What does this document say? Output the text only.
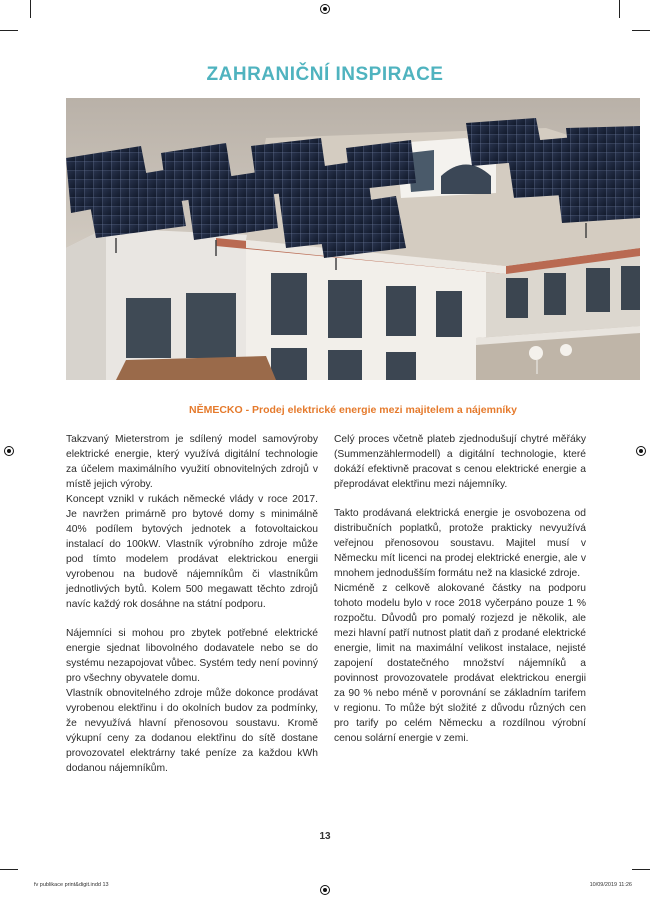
ZAHRANIČNÍ INSPIRACE
NĚMECKO - Prodej elektrické energie mezi majitelem a nájemníky

Takzvaný Mieterstrom je sdílený model samovýroby elektrické energie, který využívá digitální technologie za účelem maximálního využití obnovitelných zdrojů v místě jejich výroby.

Koncept vznikl v rukách německé vlády v roce 2017. Je navržen primárně pro bytové domy s minimálně 40% podílem bytových jednotek a fotovoltaickou instalací do 100kW. Vlastník výrobního zdroje může pod tímto modelem prodávat elektrickou energii vyrobenou na budově nájemníkům či vlastníkům jednotlivých bytů. Kolem 500 megawatt těchto zdrojů navíc každý rok dosáhne na státní podporu.

Nájemníci si mohou pro zbytek potřebné elektrické energie sjednat libovolného dodavatele nebo se do systému nezapojovat vůbec. Systém tedy není povinný pro všechny obyvatele domu.

Vlastník obnovitelného zdroje může dokonce prodávat vyrobenou elektřinu i do okolních budov za podmínky, že nevyužívá hlavní přenosovou soustavu. Kromě výkupní ceny za dodanou elektřinu do sítě dostane provozovatel elektrárny také peníze za každou kWh dodanou nájemníkům.

Celý proces včetně plateb zjednodušují chytré měřáky (Summenzählermodell) a digitální technologie, které dokáží efektivně pracovat s cenou elektrické energie a přeprodávat elektřinu mezi nájemníky.

Takto prodávaná elektrická energie je osvobozena od distribučních poplatků, protože prakticky nevyužívá veřejnou přenosovou soustavu. Majitel musí v Německu mít licenci na prodej elektrické energie, ale v mnohem jednodušším formátu než na klasické zdroje.

Nicméně z celkově alokované částky na podporu tohoto modelu bylo v roce 2018 vyčerpáno pouze 1 % rozpočtu. Důvodů pro pomalý rozjezd je několik, ale mezi hlavní patří nutnost platit daň z prodané elektrické energie, limit na maximální velikost instalace, nejisté zapojení dostatečného množství nájemníků a povinnost provozovatele prodávat elektrickou energii za 90 % nebo méně v porovnání se základním tarifem v regionu. To může být složité z důvodu různých cen pro tarify po celém Německu a rozdílnou výrobní cenou solární energie v zemi.

13
fv publikace print&digit.indd 13	10/09/2019 11:26
